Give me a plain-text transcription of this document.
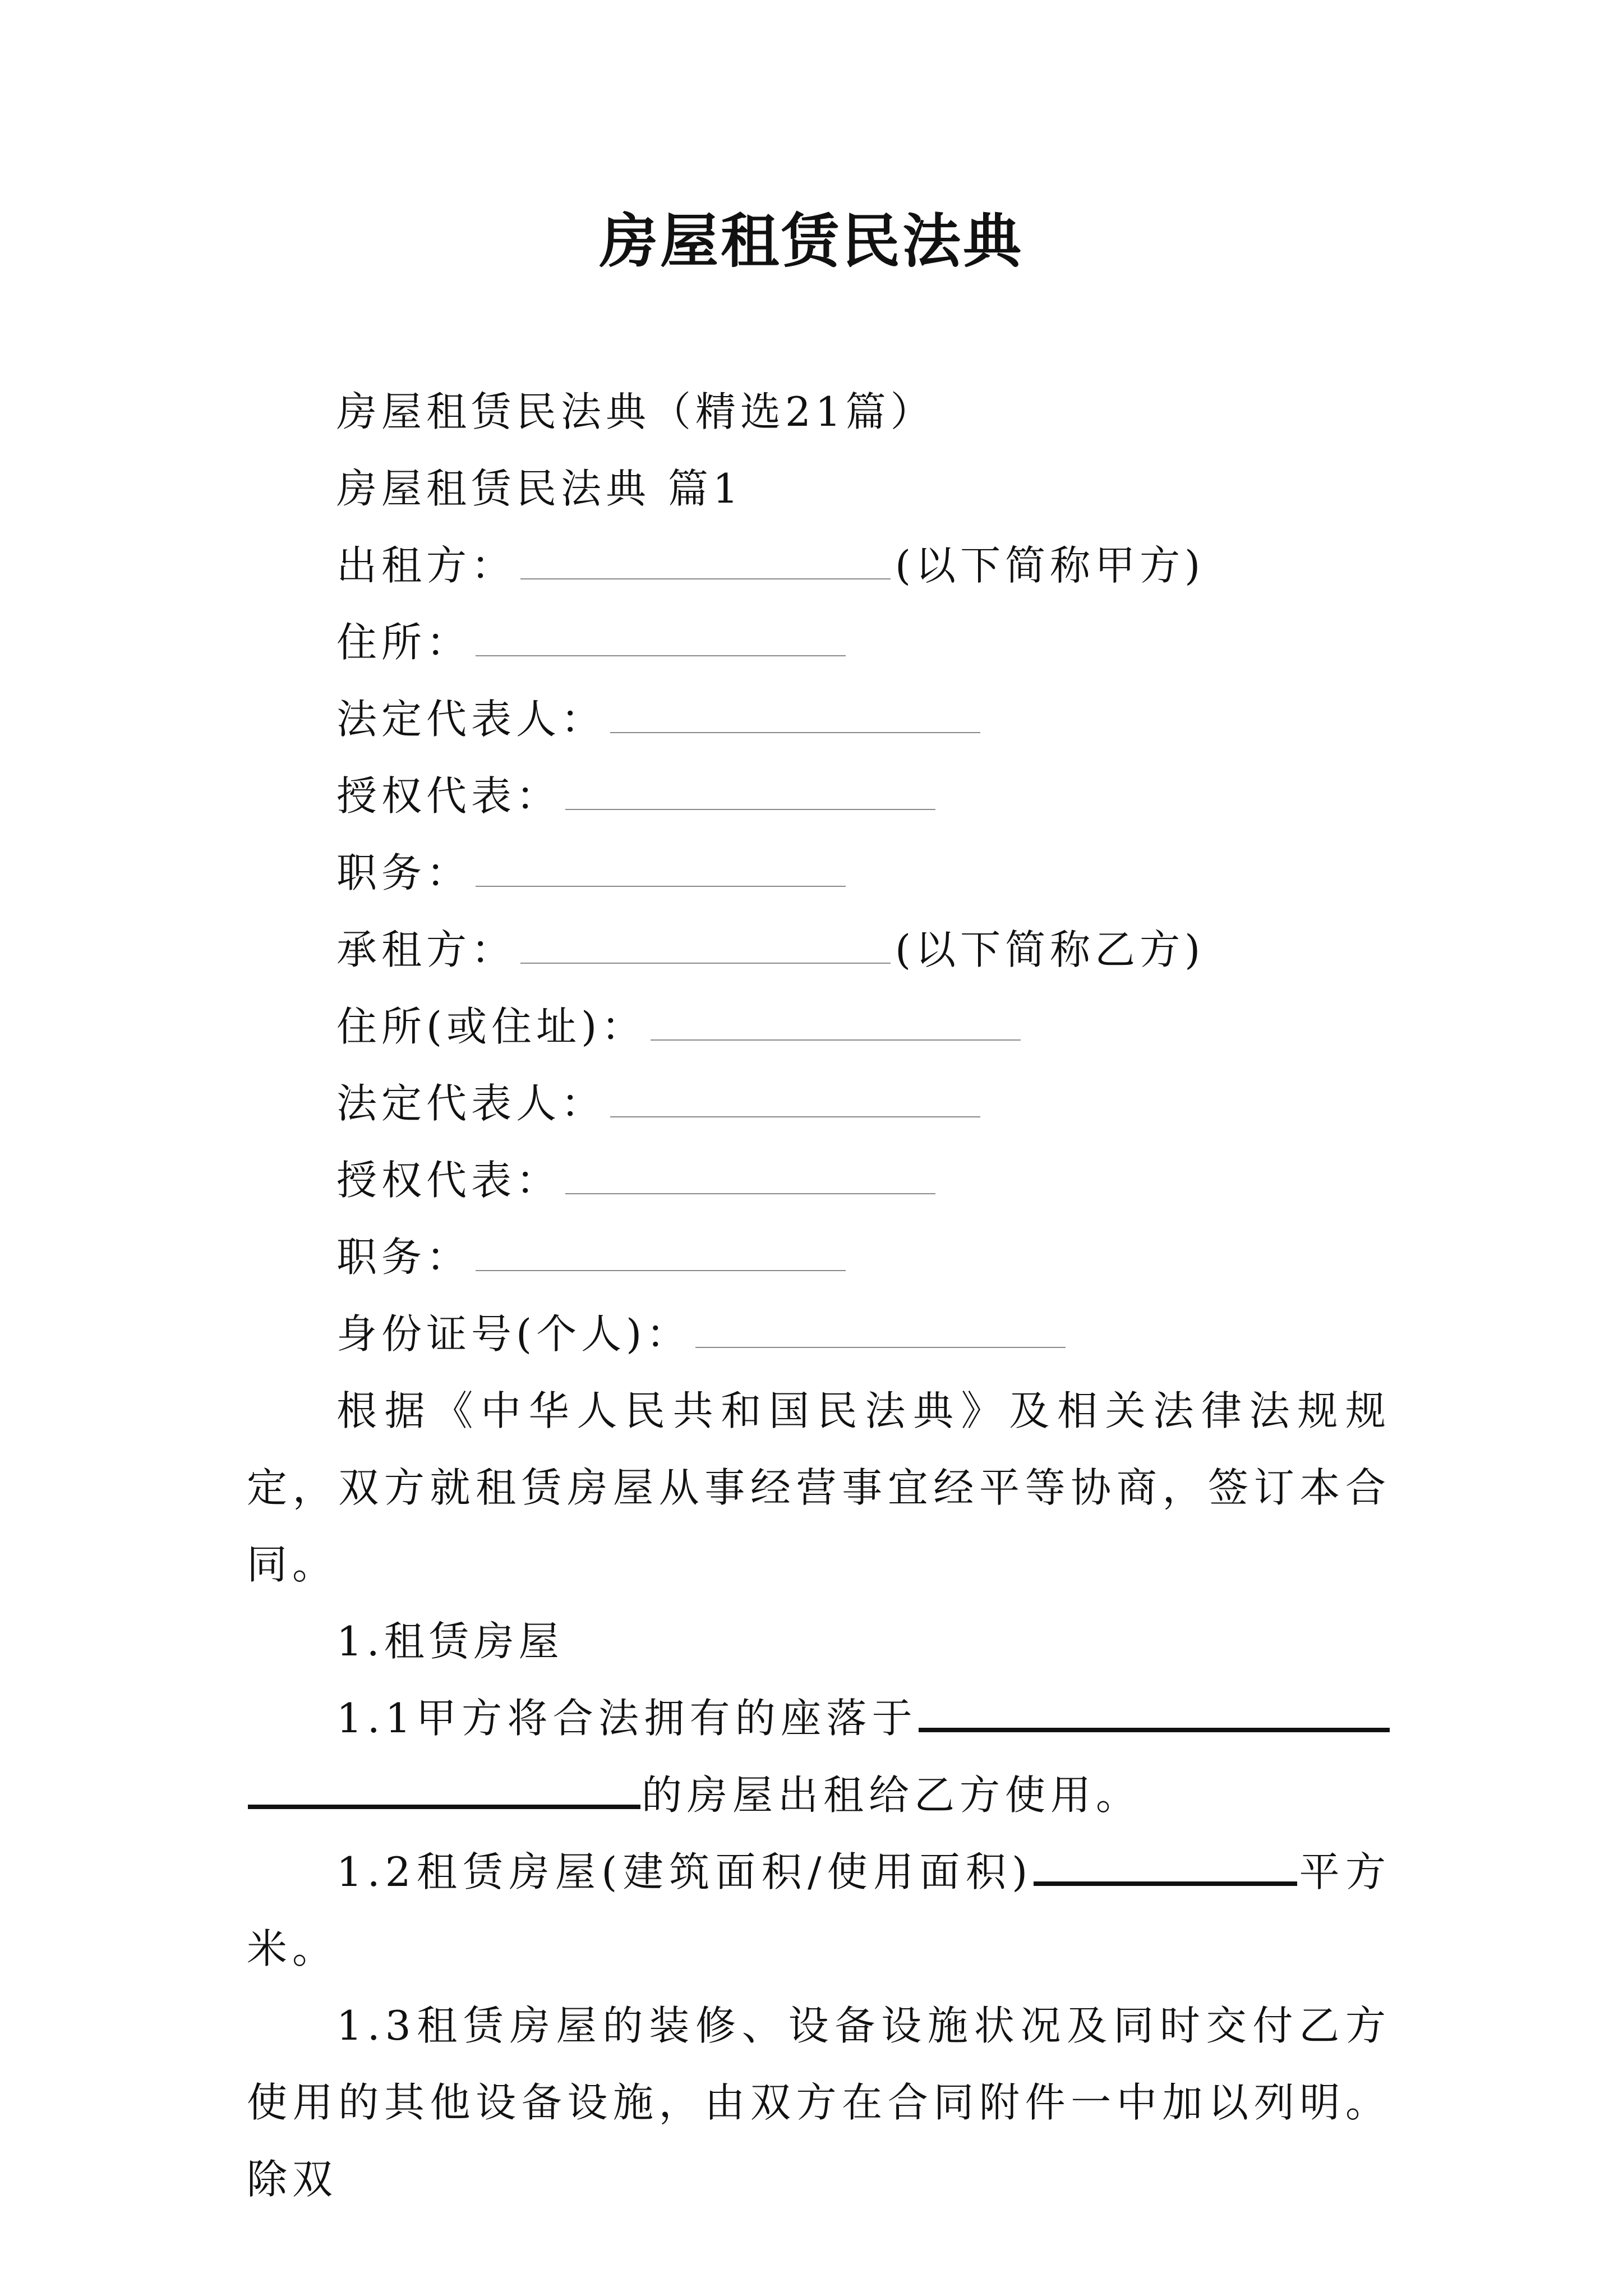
房屋租赁民法典
房屋租赁民法典（精选21篇）
房屋租赁民法典 篇1
出租方：	(以下简称甲方)
住所：
法定代表人：
授权代表：
职务：
承租方：	(以下简称乙方)
住所(或住址)：
法定代表人：
授权代表：
职务：
身份证号(个人)：
根据《中华人民共和国民法典》及相关法律法规规定，双方就租赁房屋从事经营事宜经平等协商，签订本合同。
1.租赁房屋
1.1甲方将合法拥有的座落于的房屋出租给乙方使用。
1.2租赁房屋(建筑面积/使用面积)	平方米。
1.3租赁房屋的装修、设备设施状况及同时交付乙方使用的其他设备设施，由双方在合同附件一中加以列明。除双
